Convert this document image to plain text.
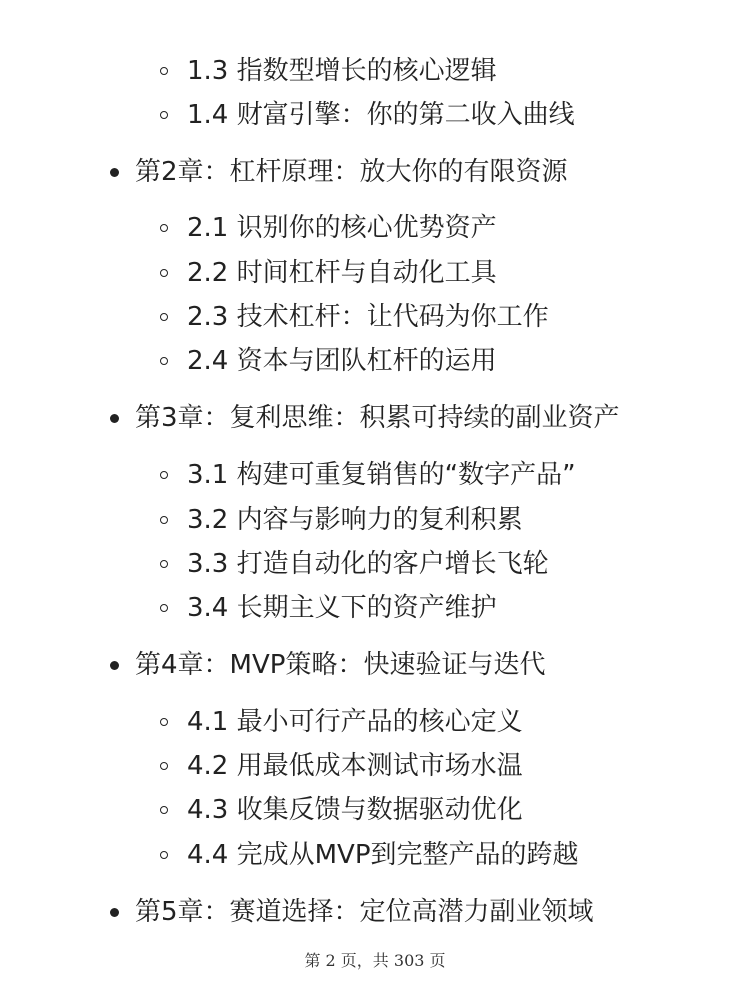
1.3 指数型增长的核心逻辑
1.4 财富引擎：你的第二收入曲线
第2章：杠杆原理：放大你的有限资源
2.1 识别你的核心优势资产
2.2 时间杠杆与自动化工具
2.3 技术杠杆：让代码为你工作
2.4 资本与团队杠杆的运用
第3章：复利思维：积累可持续的副业资产
3.1 构建可重复销售的“数字产品”
3.2 内容与影响力的复利积累
3.3 打造自动化的客户增长飞轮
3.4 长期主义下的资产维护
第4章：MVP策略：快速验证与迭代
4.1 最小可行产品的核心定义
4.2 用最低成本测试市场水温
4.3 收集反馈与数据驱动优化
4.4 完成从MVP到完整产品的跨越
第5章：赛道选择：定位高潜力副业领域
第 2 页，共 303 页
